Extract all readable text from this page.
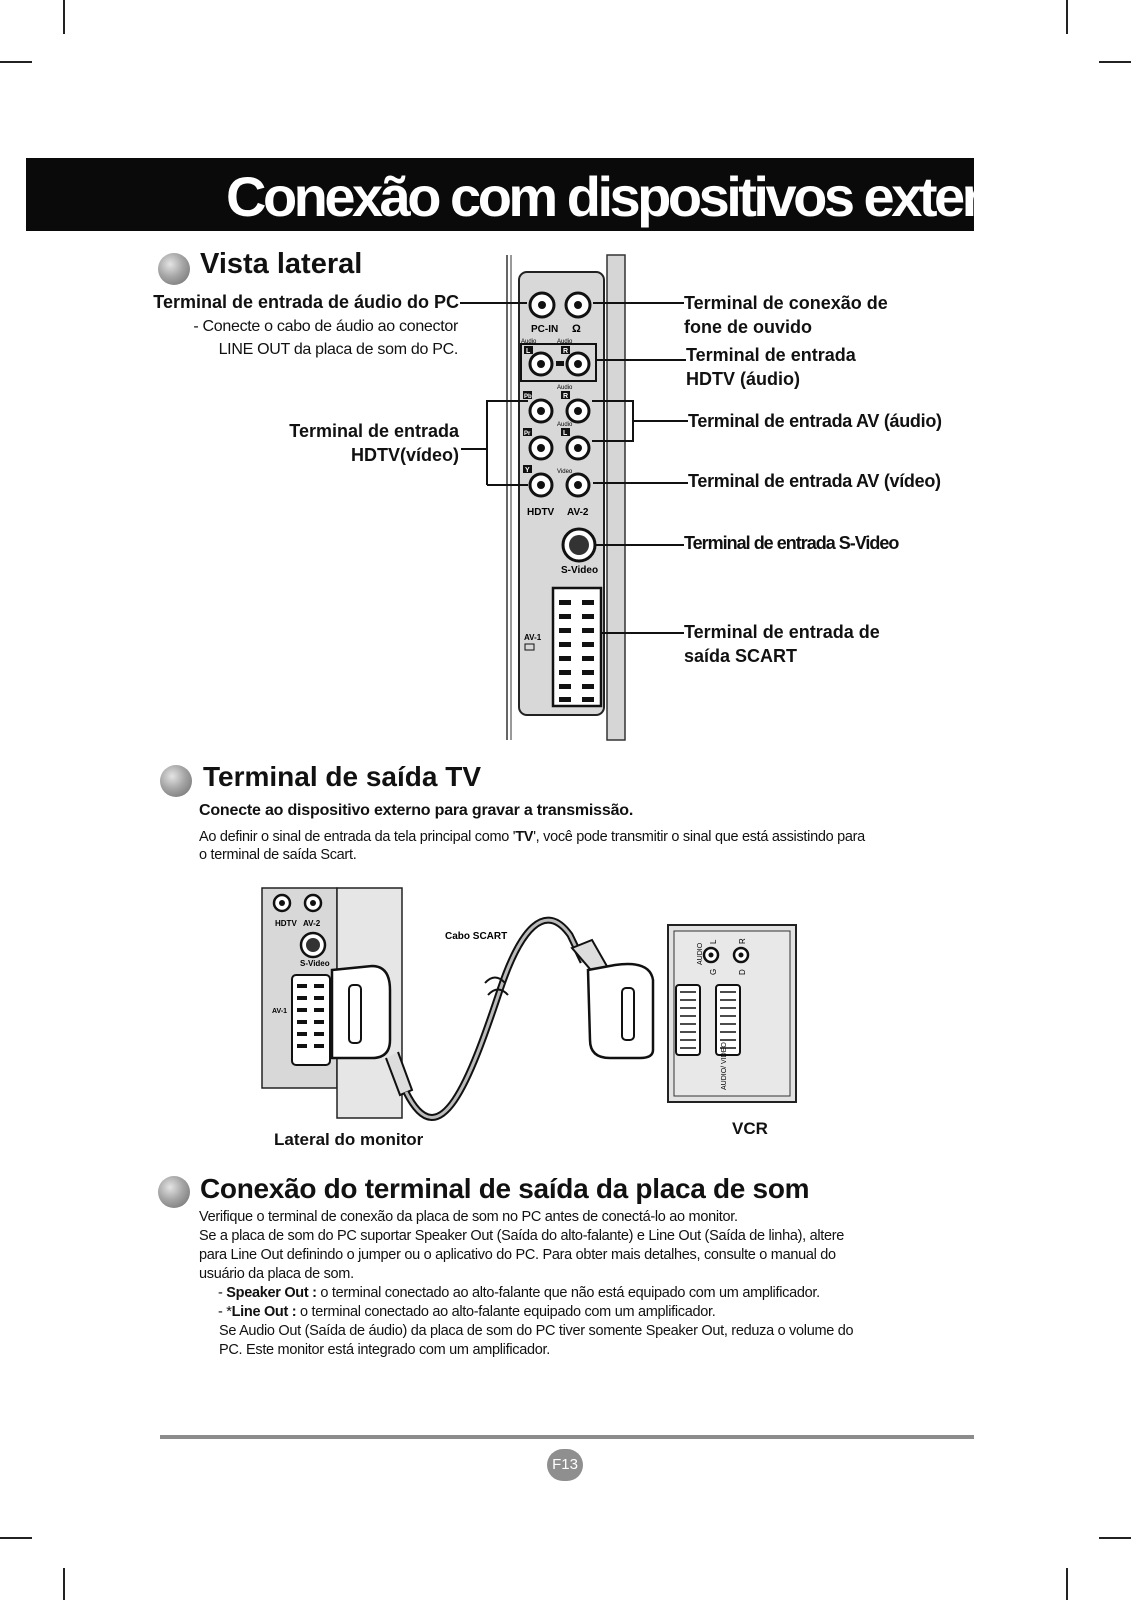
Conexão com dispositivos externos
Vista lateral

Terminal de entrada de áudio do PC

- Conecte o cabo de áudio ao conector

LINE OUT da placa de som do PC.

Terminal de entrada

HDTV(vídeo)

Terminal de conexão de

fone de ouvido

Terminal de entrada

HDTV (áudio)

Terminal de entrada AV (áudio)

Terminal de entrada AV (vídeo)

Terminal de entrada S-Video

Terminal de entrada de

saída SCART

PC-IN Ω
Audio	Audio
L	R
Pb
Audio
R
Pr
Audio
L
Y	Video
HDTV AV-2
S-Video
AV-1
Terminal de saída TV

Conecte ao dispositivo externo para gravar a transmissão.

Ao definir o sinal de entrada da tela principal como 'TV', você pode transmitir o sinal que está assistindo para

o terminal de saída Scart.

HDTV AV-2
S-Video
AV-1
Cabo SCART
AUDIO
G	D
L	R
AUDIO/ VIDEO

Lateral do monitor

VCR

Conexão do terminal de saída da placa de som

Verifique o terminal de conexão da placa de som no PC antes de conectá-lo ao monitor.

Se a placa de som do PC suportar Speaker Out (Saída do alto-falante) e Line Out (Saída de linha), altere

para Line Out definindo o jumper ou o aplicativo do PC. Para obter mais detalhes, consulte o manual do

usuário da placa de som.

- Speaker Out : o terminal conectado ao alto-falante que não está equipado com um amplificador.

- *Line Out : o terminal conectado ao alto-falante equipado com um amplificador.

Se Audio Out (Saída de áudio) da placa de som do PC tiver somente Speaker Out, reduza o volume do

PC. Este monitor está integrado com um amplificador.

F13
